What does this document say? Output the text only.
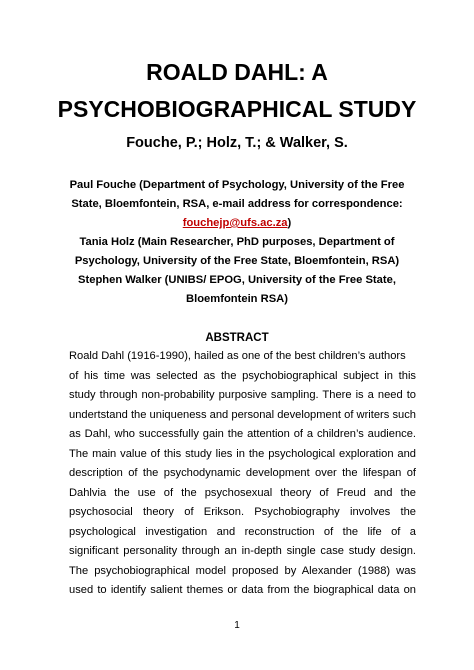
ROALD DAHL: A
PSYCHOBIOGRAPHICAL STUDY

Fouche, P.; Holz, T.; & Walker, S.

Paul Fouche (Department of Psychology, University of the Free

State, Bloemfontein, RSA, e-mail address for correspondence:

fouchejp@ufs.ac.za)

Tania Holz (Main Researcher, PhD purposes, Department of

Psychology, University of the Free State, Bloemfontein, RSA)

Stephen Walker (UNIBS/ EPOG, University of the Free State,

Bloemfontein RSA)

ABSTRACT
Roald Dahl (1916-1990), hailed as one of the best children’s authors
of his time was selected as the psychobiographical subject in this
study through non-probability purposive sampling. There is a need to
undertstand the uniqueness and personal development of writers such
as Dahl, who successfully gain the attention of a children’s audience.
The main value of this study lies in the psychological exploration and
description of the psychodynamic development over the lifespan of
Dahlvia the use of the psychosexual theory of Freud and the
psychosocial theory of Erikson. Psychobiography involves the
psychological investigation and reconstruction of the life of a
significant personality through an in-depth single case study design.
The psychobiographical model proposed by Alexander (1988) was
used to identify salient themes or data from the biographical data on

1
